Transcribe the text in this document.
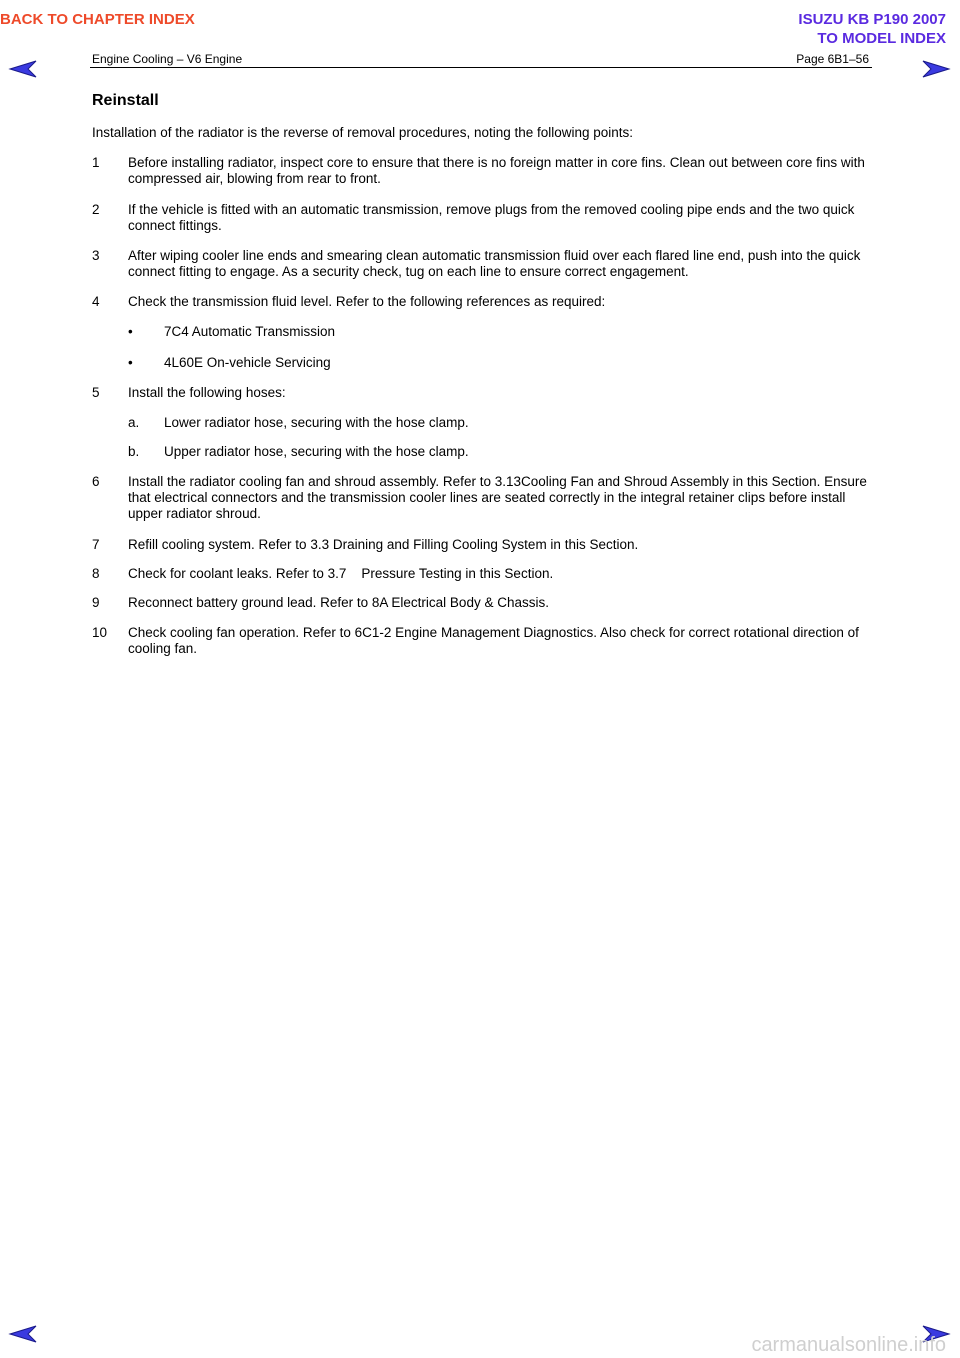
BACK TO CHAPTER INDEX	ISUZU KB P190 2007
TO MODEL INDEX
Engine Cooling – V6 Engine	Page 6B1–56
Reinstall
Installation of the radiator is the reverse of removal procedures, noting the following points:
1 Before installing radiator, inspect core to ensure that there is no foreign matter in core fins. Clean out between core fins with compressed air, blowing from rear to front.
2 If the vehicle is fitted with an automatic transmission, remove plugs from the removed cooling pipe ends and the two quick connect fittings.
3 After wiping cooler line ends and smearing clean automatic transmission fluid over each flared line end, push into the quick connect fitting to engage. As a security check, tug on each line to ensure correct engagement.
4 Check the transmission fluid level. Refer to the following references as required:
• 7C4 Automatic Transmission
• 4L60E On-vehicle Servicing
5 Install the following hoses:
a. Lower radiator hose, securing with the hose clamp.
b. Upper radiator hose, securing with the hose clamp.
6 Install the radiator cooling fan and shroud assembly. Refer to 3.13Cooling Fan and Shroud Assembly in this Section. Ensure that electrical connectors and the transmission cooler lines are seated correctly in the integral retainer clips before install upper radiator shroud.
7 Refill cooling system. Refer to 3.3 Draining and Filling Cooling System in this Section.
8 Check for coolant leaks. Refer to 3.7    Pressure Testing in this Section.
9 Reconnect battery ground lead. Refer to 8A Electrical Body & Chassis.
10 Check cooling fan operation. Refer to 6C1-2 Engine Management Diagnostics. Also check for correct rotational direction of cooling fan.
carmanualsonline.info
